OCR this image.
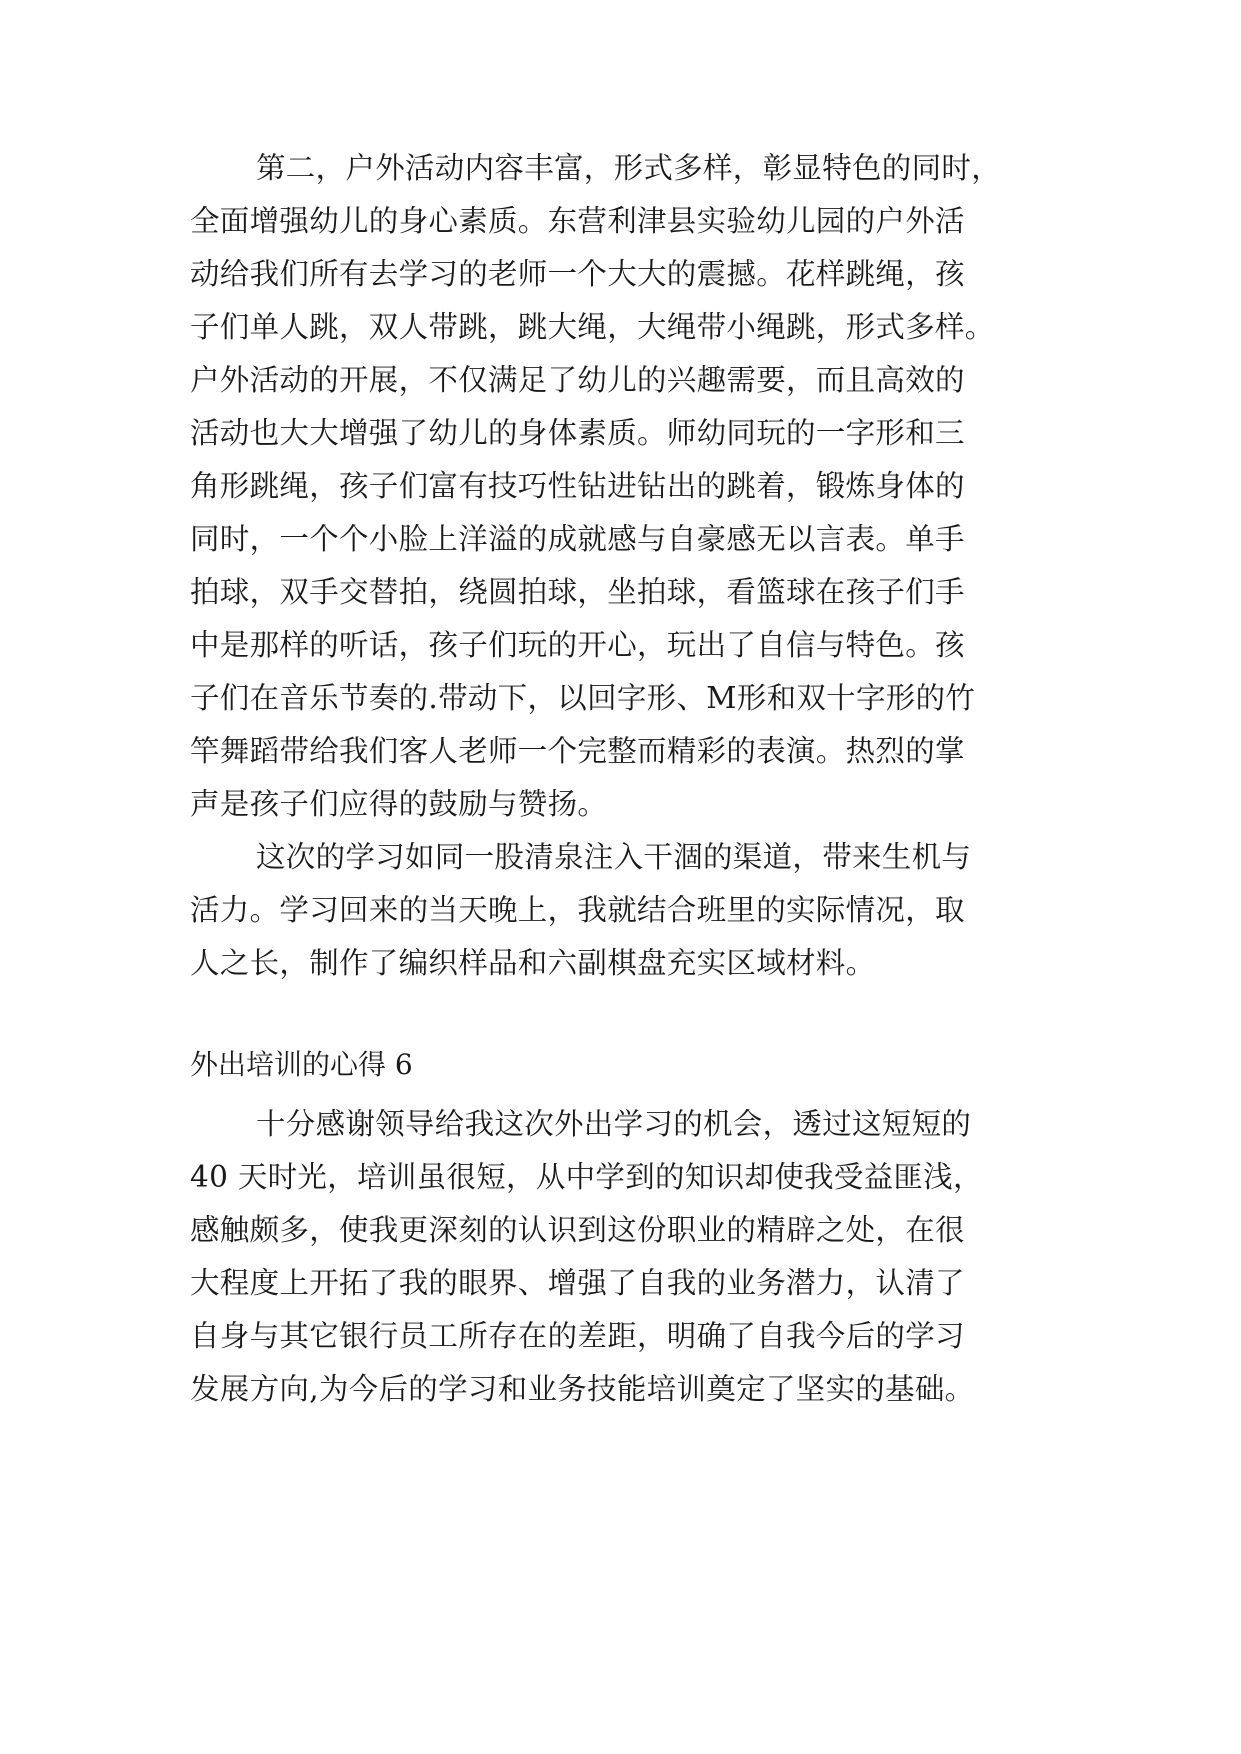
第二，户外活动内容丰富，形式多样，彰显特色的同时，
全面增强幼儿的身心素质。东营利津县实验幼儿园的户外活
动给我们所有去学习的老师一个大大的震撼。花样跳绳，孩
子们单人跳，双人带跳，跳大绳，大绳带小绳跳，形式多样。
户外活动的开展，不仅满足了幼儿的兴趣需要，而且高效的
活动也大大增强了幼儿的身体素质。师幼同玩的一字形和三
角形跳绳，孩子们富有技巧性钻进钻出的跳着，锻炼身体的
同时，一个个小脸上洋溢的成就感与自豪感无以言表。单手
拍球，双手交替拍，绕圆拍球，坐拍球，看篮球在孩子们手
中是那样的听话，孩子们玩的开心，玩出了自信与特色。孩
子们在音乐节奏的.带动下，以回字形、M形和双十字形的竹
竿舞蹈带给我们客人老师一个完整而精彩的表演。热烈的掌
声是孩子们应得的鼓励与赞扬。
这次的学习如同一股清泉注入干涸的渠道，带来生机与
活力。学习回来的当天晚上，我就结合班里的实际情况，取
人之长，制作了编织样品和六副棋盘充实区域材料。
外出培训的心得 6
十分感谢领导给我这次外出学习的机会，透过这短短的
40 天时光，培训虽很短，从中学到的知识却使我受益匪浅，
感触颇多，使我更深刻的认识到这份职业的精辟之处，在很
大程度上开拓了我的眼界、增强了自我的业务潜力，认清了
自身与其它银行员工所存在的差距，明确了自我今后的学习
发展方向,为今后的学习和业务技能培训奠定了坚实的基础。
